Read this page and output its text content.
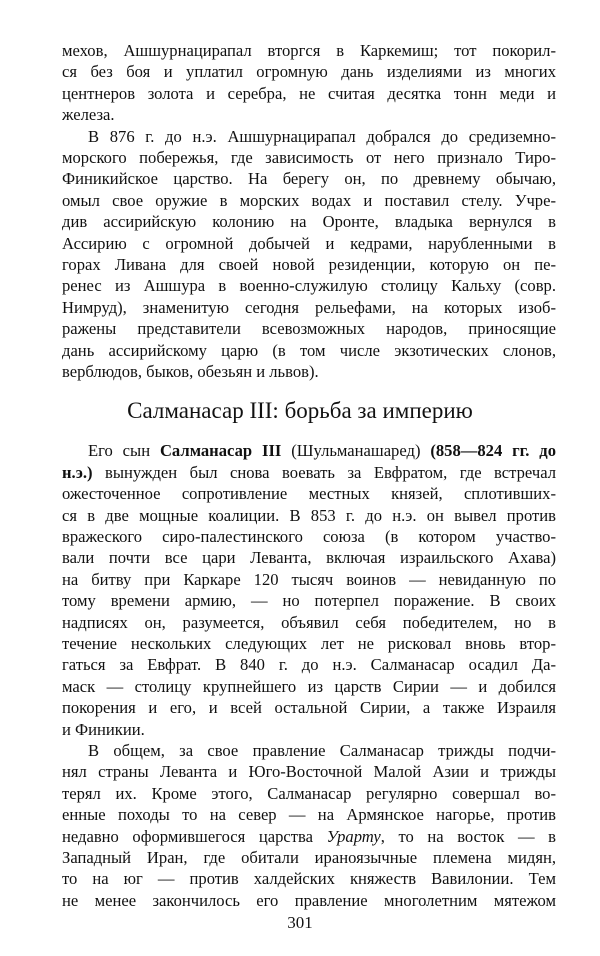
мехов, Ашшурнацирапал вторгся в Каркемиш; тот покорил-
ся без боя и уплатил огромную дань изделиями из многих
центнеров золота и серебра, не считая десятка тонн меди и
железа.
В 876 г. до н.э. Ашшурнацирапал добрался до средиземно-
морского побережья, где зависимость от него признало Тиро-
Финикийское царство. На берегу он, по древнему обычаю,
омыл свое оружие в морских водах и поставил стелу. Учре-
див ассирийскую колонию на Оронте, владыка вернулся в
Ассирию с огромной добычей и кедрами, нарубленными в
горах Ливана для своей новой резиденции, которую он пе-
ренес из Ашшура в военно-служилую столицу Кальху (совр.
Нимруд), знаменитую сегодня рельефами, на которых изоб-
ражены представители всевозможных народов, приносящие
дань ассирийскому царю (в том числе экзотических слонов,
верблюдов, быков, обезьян и львов).
Салманасар III: борьба за империю
Его сын Салманасар III (Шульманашаред) (858—824 гг. до
н.э.) вынужден был снова воевать за Евфратом, где встречал
ожесточенное сопротивление местных князей, сплотивших-
ся в две мощные коалиции. В 853 г. до н.э. он вывел против
вражеского сиро-палестинского союза (в котором участво-
вали почти все цари Леванта, включая израильского Ахава)
на битву при Каркаре 120 тысяч воинов — невиданную по
тому времени армию, — но потерпел поражение. В своих
надписях он, разумеется, объявил себя победителем, но в
течение нескольких следующих лет не рисковал вновь втор-
гаться за Евфрат. В 840 г. до н.э. Салманасар осадил Да-
маск — столицу крупнейшего из царств Сирии — и добился
покорения и его, и всей остальной Сирии, а также Израиля
и Финикии.
В общем, за свое правление Салманасар трижды подчи-
нял страны Леванта и Юго-Восточной Малой Азии и трижды
терял их. Кроме этого, Салманасар регулярно совершал во-
енные походы то на север — на Армянское нагорье, против
недавно оформившегося царства Урарту, то на восток — в
Западный Иран, где обитали ираноязычные племена мидян,
то на юг — против халдейских княжеств Вавилонии. Тем
не менее закончилось его правление многолетним мятежом
301
